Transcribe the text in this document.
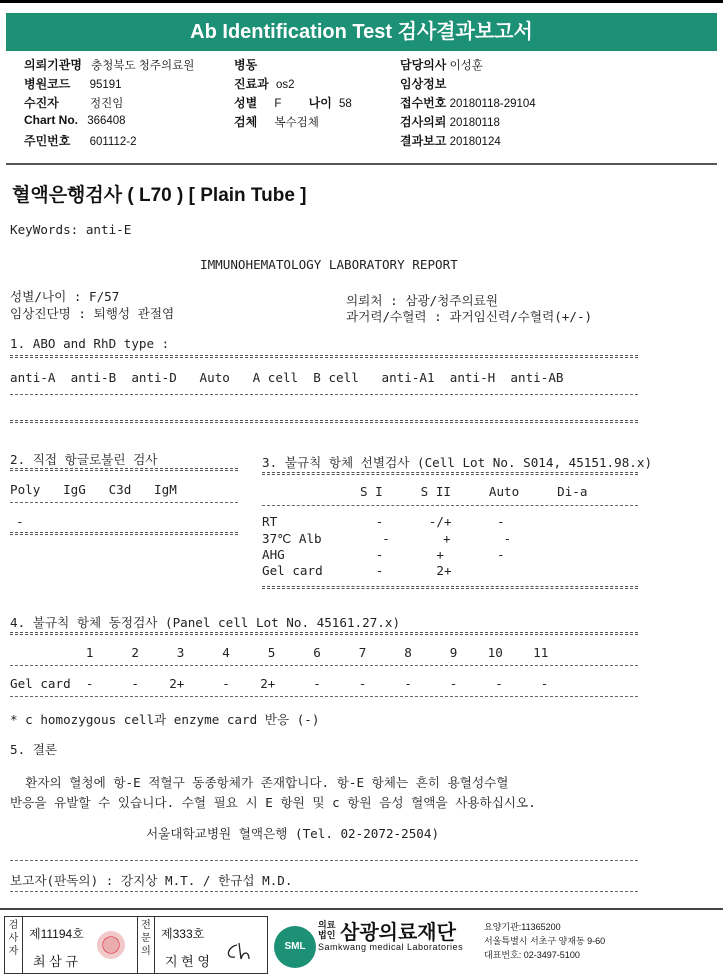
Ab Identification Test 검사결과보고서
의뢰기관명 충청북도 청주의료원
병원코드 95191
수진자	정진임
Chart No. 366408
주민번호 601112-2
병동
진료과 os2
성별 F 나이 58
검체 복수검체
담당의사 이성훈
임상정보
접수번호 20180118-29104
검사의뢰 20180118
결과보고 20180124
혈액은행검사 ( L70 ) [ Plain Tube ]
KeyWords: anti-E
IMMUNOHEMATOLOGY LABORATORY REPORT
성별/나이 : F/57
임상진단명 : 퇴행성 관절염
의뢰처 : 삼광/청주의료원
과거력/수혈력 : 과거임신력/수혈력(+/-)
1. ABO and RhD type :
anti-A  anti-B  anti-D   Auto   A cell  B cell   anti-A1  anti-H  anti-AB
2. 직접 항글로불린 검사
Poly   IgG   C3d   IgM
-
3. 불규칙 항체 선별검사 (Cell Lot No. S014, 45151.98.x)
S I     S II     Auto     Di-a
RT             -      -/+      -
37℃ Alb        -       +       -
AHG            -       +       -
Gel card       -       2+
4. 불규칙 항체 동정검사 (Panel cell Lot No. 45161.27.x)
1     2     3     4     5     6     7     8     9    10    11
Gel card  -     -    2+     -    2+     -     -     -     -     -     -
* c homozygous cell과 enzyme card 반응 (-)
5. 결론
환자의 혈청에 항-E 적혈구 동종항체가 존재합니다. 항-E 항체는 흔히 용혈성수혈
반응을 유발할 수 있습니다. 수혈 필요 시 E 항원 및 c 항원 음성 혈액을 사용하십시오.
서울대학교병원 혈액은행 (Tel. 02-2072-2504)
보고자(판독의) : 강지상 M.T. / 한규섭 M.D.
검사자
제11194호
최 삼 규
전문의
제333호
지 현 영
SML
의료
법인 삼광의료재단
Samkwang medical Laboratories
요양기관:11365200
서울특별시 서초구 양재동 9-60
대표번호: 02-3497-5100
